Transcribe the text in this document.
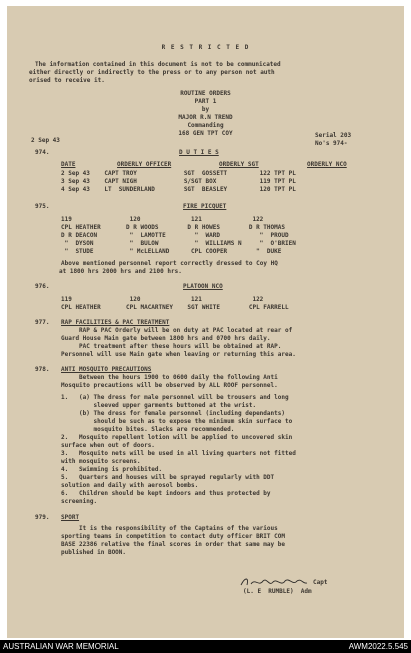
R E S T R I C T E D
The information contained in this document is not to be communicated
either directly or indirectly to the press or to any person not auth
orised to receive it.
ROUTINE ORDERS
PART 1
by
MAJOR R.N TREND
Commanding
168 GEN TPT COY
2 Sep 43
Serial 203
No's 974-
974.	D U T I E S
DATE	ORDERLY OFFICER	ORDERLY SGT	ORDERLY NCO
2 Sep 43    CAPT TROY             SGT  GOSSETT         122 TPT PL
3 Sep 43    CAPT NIGH             S/SGT BOX            119 TPT PL
4 Sep 43    LT  SUNDERLAND        SGT  BEASLEY         120 TPT PL
975.	FIRE PICQUET
119                120              121              122
CPL HEATHER       D R WOODS        D R HOWES        D R THOMAS
D R DEACON         "  LAMOTTE        "  WARD           "  PROUD
"  DYSON          "  BULOW          "  WILLIAMS N     "  O'BRIEN
"  STUDE          " McLELLAND      CPL COOPER        "  DUKE
Above mentioned personnel report correctly dressed to Coy HQ
at 1800 hrs 2000 hrs and 2100 hrs.
976.	PLATOON NCO
119                120              121              122
CPL HEATHER       CPL MACARTNEY    SGT WHITE        CPL FARRELL
977. RAP FACILITIES & PAC TREATMENT
RAP & PAC Orderly will be on duty at PAC located at rear of
Guard House Main gate between 1800 hrs and 0700 hrs daily.
PAC treatment after these hours will be obtained at RAP.
Personnel will use Main gate when leaving or returning this area.
978. ANTI MOSQUITO PRECAUTIONS
Between the hours 1900 to 0600 daily the following Anti
Mosquito precautions will be observed by ALL ROOF personnel.
1.   (a) The dress for male personnel will be trousers and long
sleeved upper garments buttoned at the wrist.
(b) The dress for female personnel (including dependants)
should be such as to expose the minimum skin surface to
mosquito bites. Slacks are recommended.
2.   Mosquito repellent lotion will be applied to uncovered skin
surface when out of doors.
3.   Mosquito nets will be used in all living quarters not fitted
with mosquito screens.
4.   Swimming is prohibited.
5.   Quarters and houses will be sprayed regularly with DDT
solution and daily with aerosol bombs.
6.   Children should be kept indoors and thus protected by
screening.
979. SPORT
It is the responsibility of the Captains of the various
sporting teams in competition to contact duty officer BRIT COM
BASE 22386 relative the final scores in order that same may be
published in BOON.
Capt
(L. E  RUMBLE)  Adm
AUSTRALIAN WAR MEMORIAL	AWM2022.5.545
